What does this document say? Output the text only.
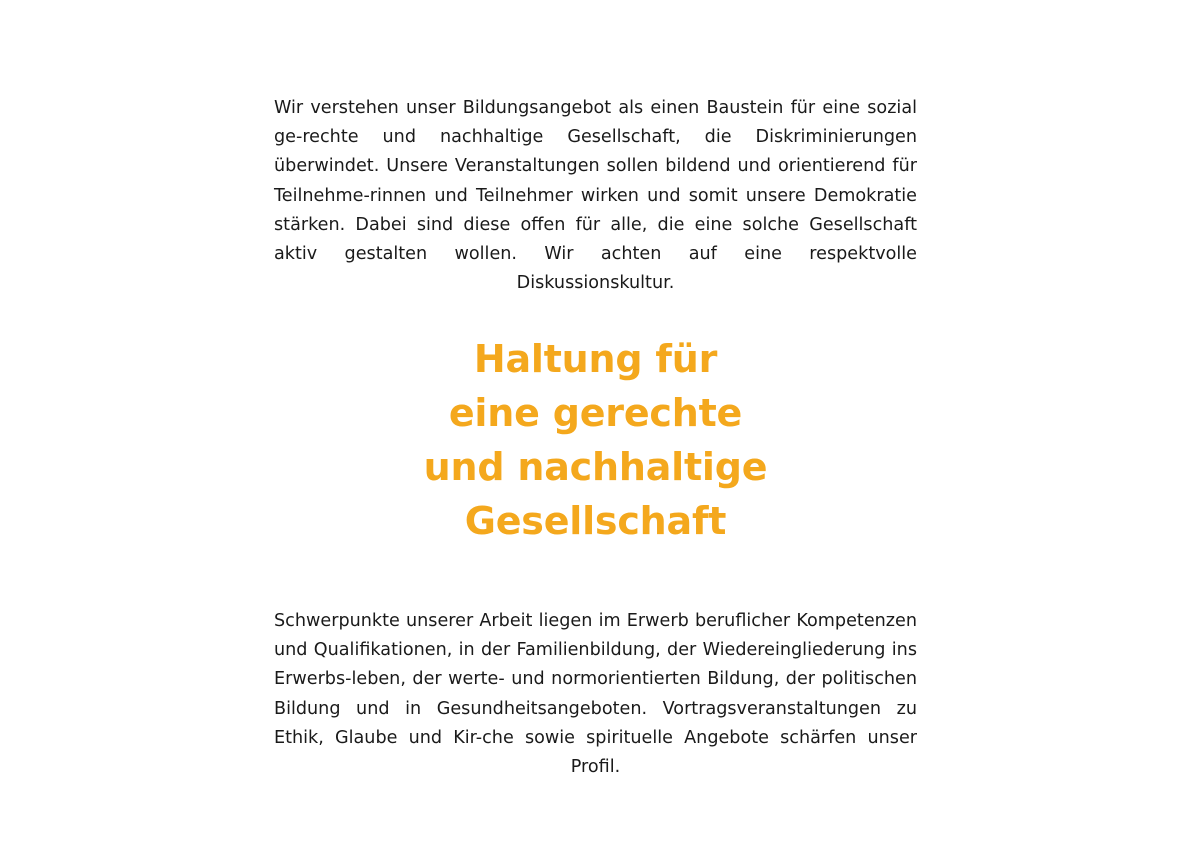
Wir verstehen unser Bildungsangebot als einen Baustein für eine sozial ge-rechte und nachhaltige Gesellschaft, die Diskriminierungen überwindet. Unsere Veranstaltungen sollen bildend und orientierend für Teilnehme-rinnen und Teilnehmer wirken und somit unsere Demokratie stärken. Dabei sind diese offen für alle, die eine solche Gesellschaft aktiv gestalten wollen. Wir achten auf eine respektvolle Diskussionskultur.

Haltung für
eine gerechte
und nachhaltige
Gesellschaft

Schwerpunkte unserer Arbeit liegen im Erwerb beruflicher Kompetenzen und Qualifikationen, in der Familienbildung, der Wiedereingliederung ins Erwerbs-leben, der werte- und normorientierten Bildung, der politischen Bildung und in Gesundheitsangeboten. Vortragsveranstaltungen zu Ethik, Glaube und Kir-che sowie spirituelle Angebote schärfen unser Profil.
